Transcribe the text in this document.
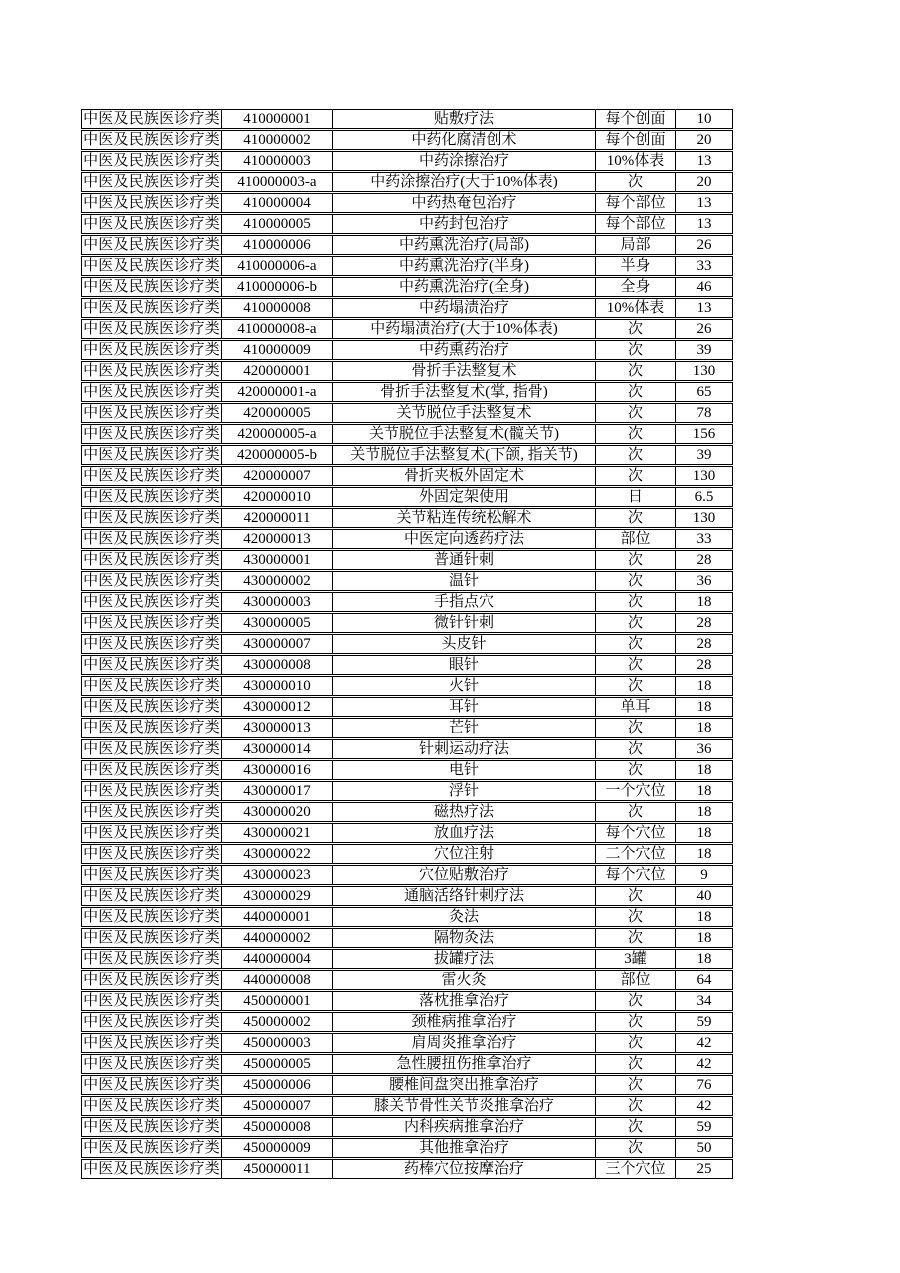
中医及民族医诊疗类	410000001	贴敷疗法	每个创面	10
中医及民族医诊疗类	410000002	中药化腐清创术	每个创面	20
中医及民族医诊疗类	410000003	中药涂擦治疗	10%体表	13
中医及民族医诊疗类	410000003-a	中药涂擦治疗(大于10%体表)	次	20
中医及民族医诊疗类	410000004	中药热奄包治疗	每个部位	13
中医及民族医诊疗类	410000005	中药封包治疗	每个部位	13
中医及民族医诊疗类	410000006	中药熏洗治疗(局部)	局部	26
中医及民族医诊疗类	410000006-a	中药熏洗治疗(半身)	半身	33
中医及民族医诊疗类	410000006-b	中药熏洗治疗(全身)	全身	46
中医及民族医诊疗类	410000008	中药塌渍治疗	10%体表	13
中医及民族医诊疗类	410000008-a	中药塌渍治疗(大于10%体表)	次	26
中医及民族医诊疗类	410000009	中药熏药治疗	次	39
中医及民族医诊疗类	420000001	骨折手法整复术	次	130
中医及民族医诊疗类	420000001-a	骨折手法整复术(掌, 指骨)	次	65
中医及民族医诊疗类	420000005	关节脱位手法整复术	次	78
中医及民族医诊疗类	420000005-a	关节脱位手法整复术(髋关节)	次	156
中医及民族医诊疗类	420000005-b	关节脱位手法整复术(下颌, 指关节)	次	39
中医及民族医诊疗类	420000007	骨折夹板外固定术	次	130
中医及民族医诊疗类	420000010	外固定架使用	日	6.5
中医及民族医诊疗类	420000011	关节粘连传统松解术	次	130
中医及民族医诊疗类	420000013	中医定向透药疗法	部位	33
中医及民族医诊疗类	430000001	普通针刺	次	28
中医及民族医诊疗类	430000002	温针	次	36
中医及民族医诊疗类	430000003	手指点穴	次	18
中医及民族医诊疗类	430000005	微针针刺	次	28
中医及民族医诊疗类	430000007	头皮针	次	28
中医及民族医诊疗类	430000008	眼针	次	28
中医及民族医诊疗类	430000010	火针	次	18
中医及民族医诊疗类	430000012	耳针	单耳	18
中医及民族医诊疗类	430000013	芒针	次	18
中医及民族医诊疗类	430000014	针刺运动疗法	次	36
中医及民族医诊疗类	430000016	电针	次	18
中医及民族医诊疗类	430000017	浮针	一个穴位	18
中医及民族医诊疗类	430000020	磁热疗法	次	18
中医及民族医诊疗类	430000021	放血疗法	每个穴位	18
中医及民族医诊疗类	430000022	穴位注射	二个穴位	18
中医及民族医诊疗类	430000023	穴位贴敷治疗	每个穴位	9
中医及民族医诊疗类	430000029	通脑活络针刺疗法	次	40
中医及民族医诊疗类	440000001	灸法	次	18
中医及民族医诊疗类	440000002	隔物灸法	次	18
中医及民族医诊疗类	440000004	拔罐疗法	3罐	18
中医及民族医诊疗类	440000008	雷火灸	部位	64
中医及民族医诊疗类	450000001	落枕推拿治疗	次	34
中医及民族医诊疗类	450000002	颈椎病推拿治疗	次	59
中医及民族医诊疗类	450000003	肩周炎推拿治疗	次	42
中医及民族医诊疗类	450000005	急性腰扭伤推拿治疗	次	42
中医及民族医诊疗类	450000006	腰椎间盘突出推拿治疗	次	76
中医及民族医诊疗类	450000007	膝关节骨性关节炎推拿治疗	次	42
中医及民族医诊疗类	450000008	内科疾病推拿治疗	次	59
中医及民族医诊疗类	450000009	其他推拿治疗	次	50
中医及民族医诊疗类	450000011	药棒穴位按摩治疗	三个穴位	25
